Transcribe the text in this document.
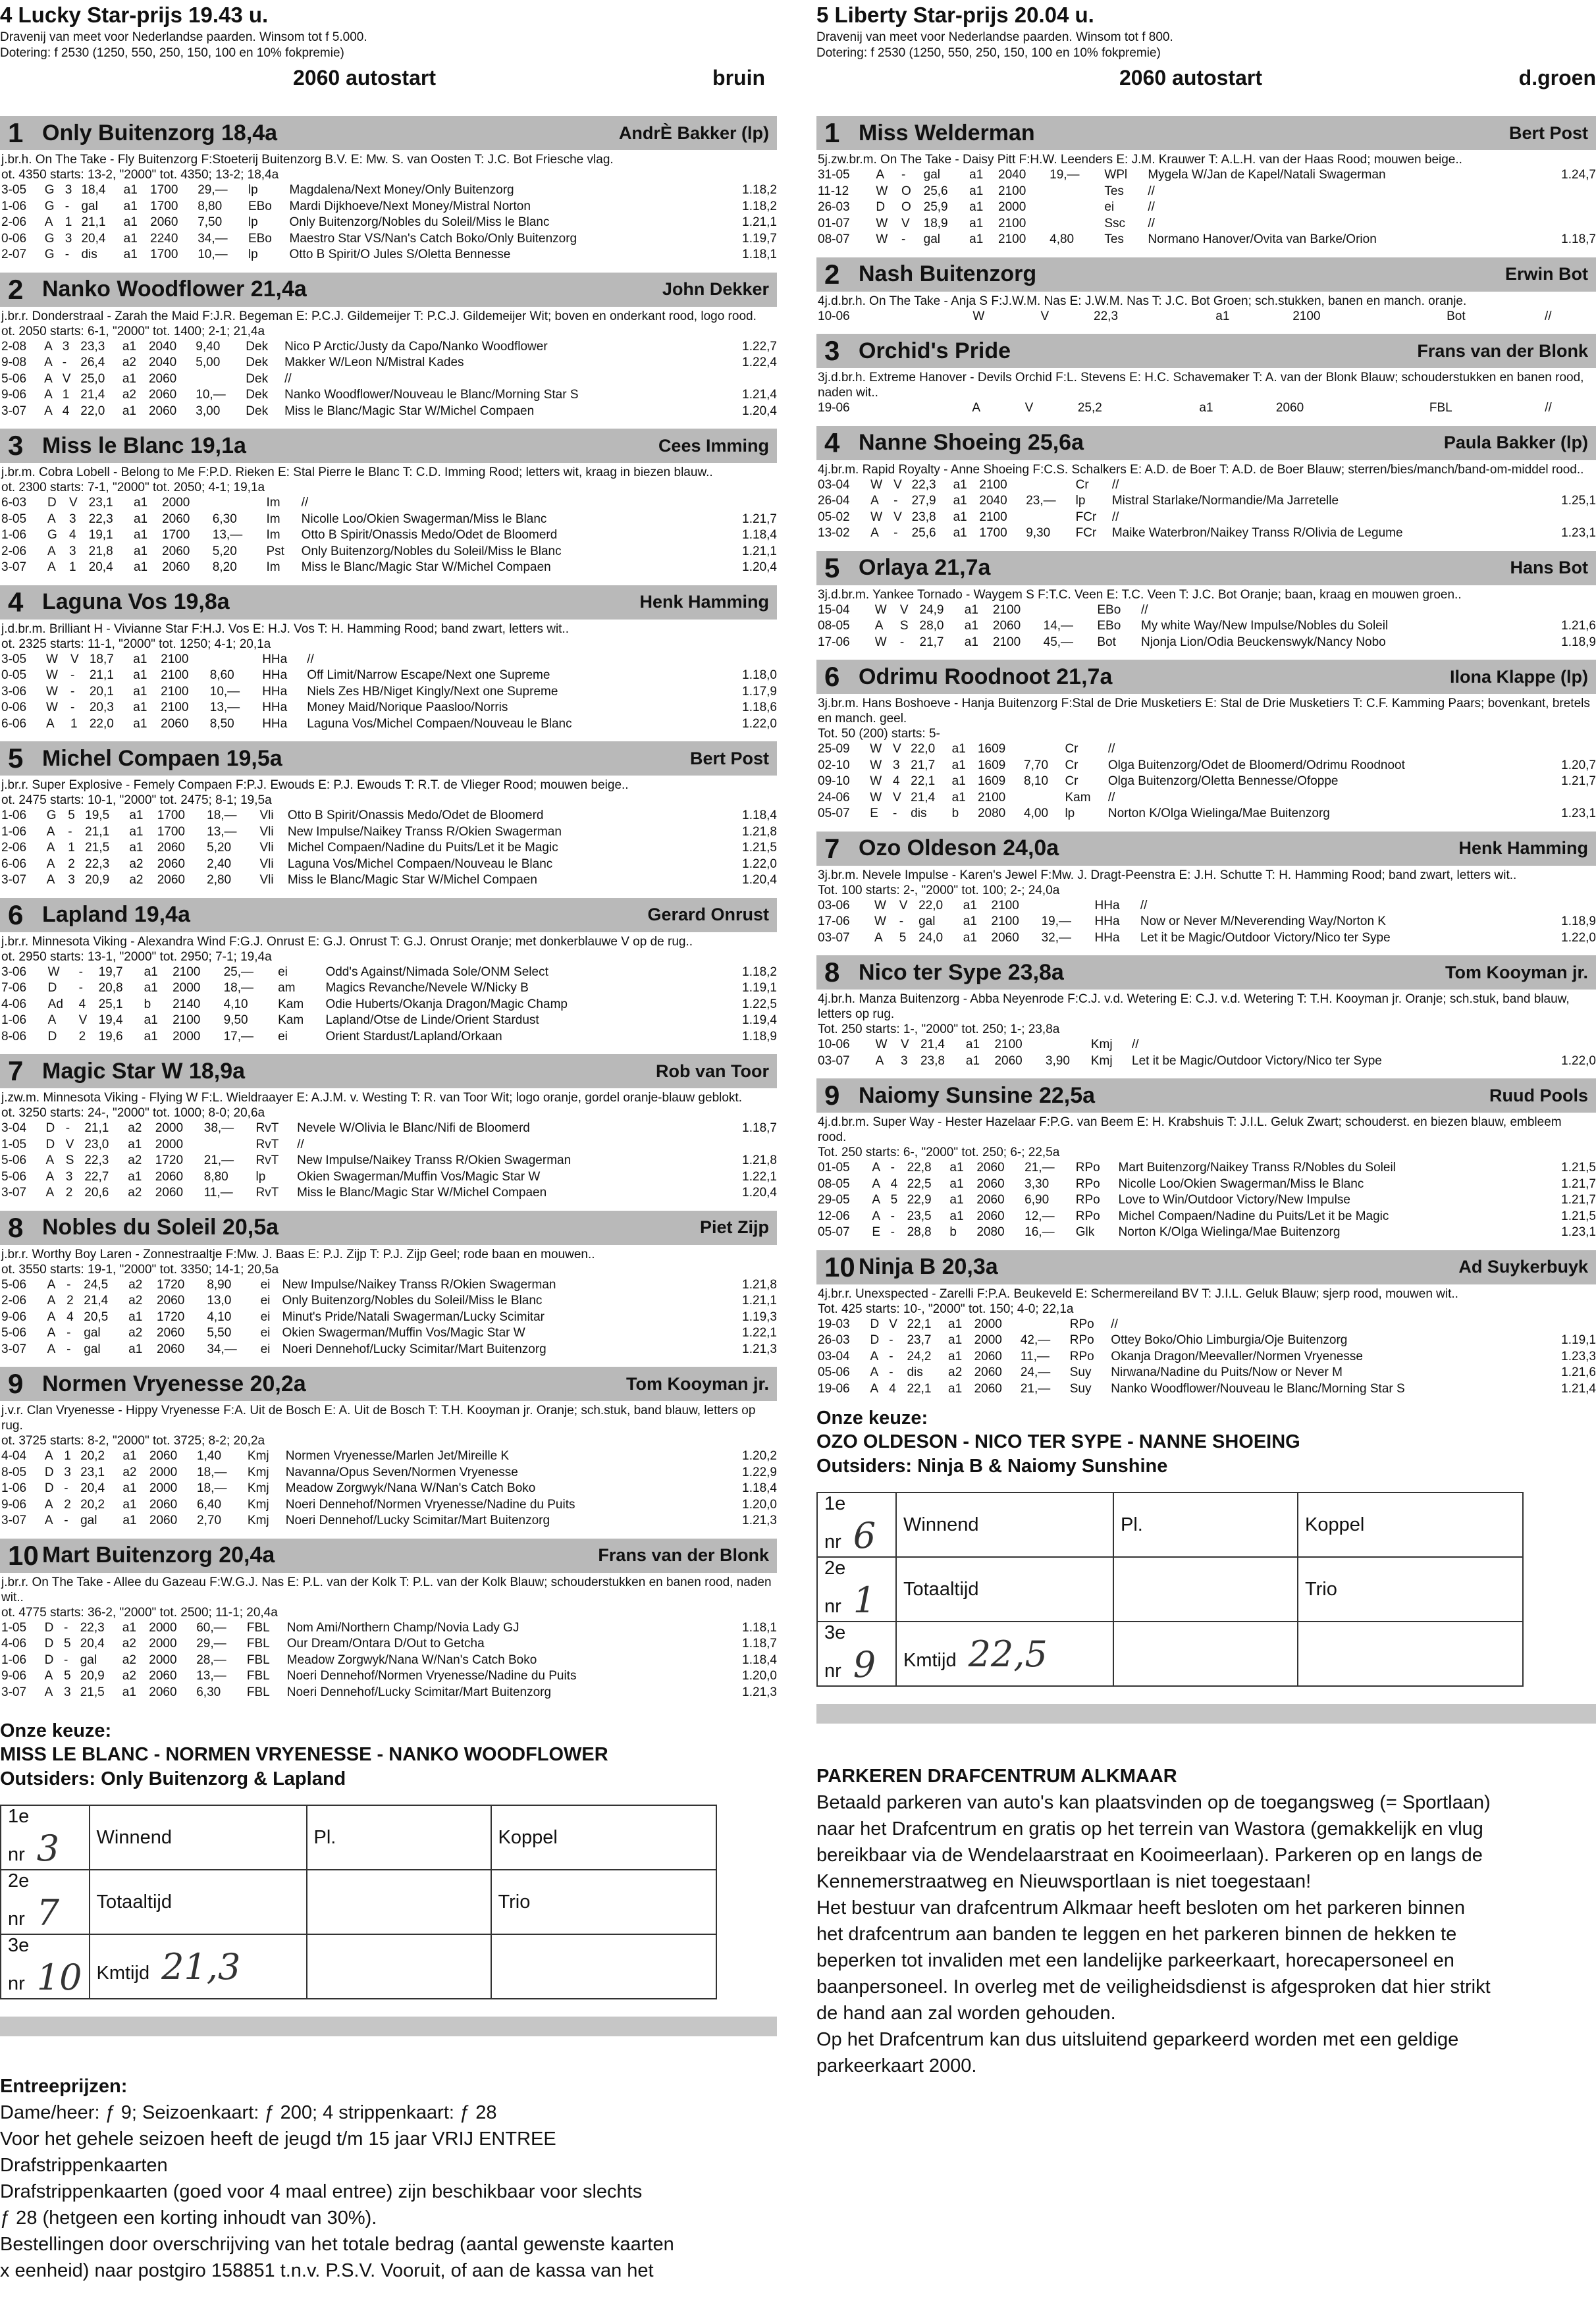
4 Lucky Star-prijs 19.43 u.
Dravenij van meet voor Nederlandse paarden. Winsom tot f 5.000.
Dotering: f 2530 (1250, 550, 250, 150, 100 en 10% fokpremie)
2060 autostart	bruin
1 Only Buitenzorg 18,4a	AndrÈ Bakker (lp)
j.br.h. On The Take - Fly Buitenzorg F:Stoeterij Buitenzorg B.V. E: Mw. S. van Oosten T: J.C. Bot Friesche vlag.
ot. 4350 starts: 13-2, "2000" tot. 4350; 13-2; 18,4a
3-05	G	3	18,4	a1	1700	29,—	lp	Magdalena/Next Money/Only Buitenzorg	1.18,2
1-06	G	-	gal	a1	1700	8,80	EBo	Mardi Dijkhoeve/Next Money/Mistral Norton	1.18,2
2-06	A	1	21,1	a1	2060	7,50	lp	Only Buitenzorg/Nobles du Soleil/Miss le Blanc	1.21,1
0-06	G	3	20,4	a1	2240	34,—	EBo	Maestro Star VS/Nan's Catch Boko/Only Buitenzorg	1.19,7
2-07	G	-	dis	a1	1700	10,—	lp	Otto B Spirit/O Jules S/Oletta Bennesse	1.18,1
2 Nanko Woodflower 21,4a	John Dekker
j.br.r. Donderstraal - Zarah the Maid F:J.R. Begeman E: P.C.J. Gildemeijer T: P.C.J. Gildemeijer Wit; boven en onderkant rood, logo rood.
ot. 2050 starts: 6-1, "2000" tot. 1400; 2-1; 21,4a
2-08	A	3	23,3	a1	2040	9,40	Dek	Nico P Arctic/Justy da Capo/Nanko Woodflower	1.22,7
9-08	A	-	26,4	a2	2040	5,00	Dek	Makker W/Leon N/Mistral Kades	1.22,4
5-06	A	V	25,0	a1	2060		Dek	//	
9-06	A	1	21,4	a2	2060	10,—	Dek	Nanko Woodflower/Nouveau le Blanc/Morning Star S	1.21,4
3-07	A	4	22,0	a1	2060	3,00	Dek	Miss le Blanc/Magic Star W/Michel Compaen	1.20,4
3 Miss le Blanc 19,1a	Cees Imming
j.br.m. Cobra Lobell - Belong to Me F:P.D. Rieken E: Stal Pierre le Blanc T: C.D. Imming Rood; letters wit, kraag in biezen blauw..
ot. 2300 starts: 7-1, "2000" tot. 2050; 4-1; 19,1a
6-03	D	V	23,1	a1	2000		Im	//	
8-05	A	3	22,3	a1	2060	6,30	Im	Nicolle Loo/Okien Swagerman/Miss le Blanc	1.21,7
1-06	G	4	19,1	a1	1700	13,—	Im	Otto B Spirit/Onassis Medo/Odet de Bloomerd	1.18,4
2-06	A	3	21,8	a1	2060	5,20	Pst	Only Buitenzorg/Nobles du Soleil/Miss le Blanc	1.21,1
3-07	A	1	20,4	a1	2060	8,20	Im	Miss le Blanc/Magic Star W/Michel Compaen	1.20,4
4 Laguna Vos 19,8a	Henk Hamming
j.d.br.m. Brilliant H - Vivianne Star F:H.J. Vos E: H.J. Vos T: H. Hamming Rood; band zwart, letters wit..
ot. 2325 starts: 11-1, "2000" tot. 1250; 4-1; 20,1a
3-05	W	V	18,7	a1	2100		HHa	//	
0-05	W	-	21,1	a1	2100	8,60	HHa	Off Limit/Narrow Escape/Next one Supreme	1.18,0
3-06	W	-	20,1	a1	2100	10,—	HHa	Niels Zes HB/Niget Kingly/Next one Supreme	1.17,9
0-06	W	-	20,3	a1	2100	13,—	HHa	Money Maid/Norique Paasloo/Norris	1.18,6
6-06	A	1	22,0	a1	2060	8,50	HHa	Laguna Vos/Michel Compaen/Nouveau le Blanc	1.22,0
5 Michel Compaen 19,5a	Bert Post
j.br.r. Super Explosive - Femely Compaen F:P.J. Ewouds E: P.J. Ewouds T: R.T. de Vlieger Rood; mouwen beige..
ot. 2475 starts: 10-1, "2000" tot. 2475; 8-1; 19,5a
1-06	G	5	19,5	a1	1700	18,—	Vli	Otto B Spirit/Onassis Medo/Odet de Bloomerd	1.18,4
1-06	A	-	21,1	a1	1700	13,—	Vli	New Impulse/Naikey Transs R/Okien Swagerman	1.21,8
2-06	A	1	21,5	a1	2060	5,20	Vli	Michel Compaen/Nadine du Puits/Let it be Magic	1.21,5
6-06	A	2	22,3	a2	2060	2,40	Vli	Laguna Vos/Michel Compaen/Nouveau le Blanc	1.22,0
3-07	A	3	20,9	a2	2060	2,80	Vli	Miss le Blanc/Magic Star W/Michel Compaen	1.20,4
6 Lapland 19,4a	Gerard Onrust
j.br.r. Minnesota Viking - Alexandra Wind F:G.J. Onrust E: G.J. Onrust T: G.J. Onrust Oranje; met donkerblauwe V op de rug..
ot. 2950 starts: 13-1, "2000" tot. 2950; 7-1; 19,4a
3-06	W	-	19,7	a1	2100	25,—	ei	Odd's Against/Nimada Sole/ONM Select	1.18,2
7-06	D	-	20,8	a1	2000	18,—	am	Magics Revanche/Nevele W/Nicky B	1.19,1
4-06	Ad	4	25,1	b	2140	4,10	Kam	Odie Huberts/Okanja Dragon/Magic Champ	1.22,5
1-06	A	V	19,4	a1	2100	9,50	Kam	Lapland/Otse de Linde/Orient Stardust	1.19,4
8-06	D	2	19,6	a1	2000	17,—	ei	Orient Stardust/Lapland/Orkaan	1.18,9
7 Magic Star W 18,9a	Rob van Toor
j.zw.m. Minnesota Viking - Flying W F:L. Wieldraayer E: A.J.M. v. Westing T: R. van Toor Wit; logo oranje, gordel oranje-blauw geblokt.
ot. 3250 starts: 24-, "2000" tot. 1000; 8-0; 20,6a
3-04	D	-	21,1	a2	2000	38,—	RvT	Nevele W/Olivia le Blanc/Nifi de Bloomerd	1.18,7
1-05	D	V	23,0	a1	2000		RvT	//	
5-06	A	S	22,3	a2	1720	21,—	RvT	New Impulse/Naikey Transs R/Okien Swagerman	1.21,8
5-06	A	3	22,7	a1	2060	8,80	lp	Okien Swagerman/Muffin Vos/Magic Star W	1.22,1
3-07	A	2	20,6	a2	2060	11,—	RvT	Miss le Blanc/Magic Star W/Michel Compaen	1.20,4
8 Nobles du Soleil 20,5a	Piet Zijp
j.br.r. Worthy Boy Laren - Zonnestraaltje F:Mw. J. Baas E: P.J. Zijp T: P.J. Zijp Geel; rode baan en mouwen..
ot. 3550 starts: 19-1, "2000" tot. 3350; 14-1; 20,5a
5-06	A	-	24,5	a2	1720	8,90	ei	New Impulse/Naikey Transs R/Okien Swagerman	1.21,8
2-06	A	2	21,4	a2	2060	13,0	ei	Only Buitenzorg/Nobles du Soleil/Miss le Blanc	1.21,1
9-06	A	4	20,5	a1	1720	4,10	ei	Minut's Pride/Natali Swagerman/Lucky Scimitar	1.19,3
5-06	A	-	gal	a2	2060	5,50	ei	Okien Swagerman/Muffin Vos/Magic Star W	1.22,1
3-07	A	-	gal	a1	2060	34,—	ei	Noeri Dennehof/Lucky Scimitar/Mart Buitenzorg	1.21,3
9 Normen Vryenesse 20,2a	Tom Kooyman jr.
j.v.r. Clan Vryenesse - Hippy Vryenesse F:A. Uit de Bosch E: A. Uit de Bosch T: T.H. Kooyman jr. Oranje; sch.stuk, band blauw, letters op rug.
ot. 3725 starts: 8-2, "2000" tot. 3725; 8-2; 20,2a
4-04	A	1	20,2	a1	2060	1,40	Kmj	Normen Vryenesse/Marlen Jet/Mireille K	1.20,2
8-05	D	3	23,1	a2	2000	18,—	Kmj	Navanna/Opus Seven/Normen Vryenesse	1.22,9
1-06	D	-	20,4	a1	2000	18,—	Kmj	Meadow Zorgwyk/Nana W/Nan's Catch Boko	1.18,4
9-06	A	2	20,2	a1	2060	6,40	Kmj	Noeri Dennehof/Normen Vryenesse/Nadine du Puits	1.20,0
3-07	A	-	gal	a1	2060	2,70	Kmj	Noeri Dennehof/Lucky Scimitar/Mart Buitenzorg	1.21,3
10 Mart Buitenzorg 20,4a	Frans van der Blonk
j.br.r. On The Take - Allee du Gazeau F:W.G.J. Nas E: P.L. van der Kolk T: P.L. van der Kolk Blauw; schouderstukken en banen rood, naden wit..
ot. 4775 starts: 36-2, "2000" tot. 2500; 11-1; 20,4a
1-05	D	-	22,3	a1	2000	60,—	FBL	Nom Ami/Northern Champ/Novia Lady GJ	1.18,1
4-06	D	5	20,4	a2	2000	29,—	FBL	Our Dream/Ontara D/Out to Getcha	1.18,7
1-06	D	-	gal	a2	2000	28,—	FBL	Meadow Zorgwyk/Nana W/Nan's Catch Boko	1.18,4
9-06	A	5	20,9	a2	2060	13,—	FBL	Noeri Dennehof/Normen Vryenesse/Nadine du Puits	1.20,0
3-07	A	3	21,5	a1	2060	6,30	FBL	Noeri Dennehof/Lucky Scimitar/Mart Buitenzorg	1.21,3
Onze keuze:
MISS LE BLANC - NORMEN VRYENESSE - NANKO WOODFLOWER
Outsiders: Only Buitenzorg & Lapland
1e nr 3	Winnend	Pl.	Koppel
2e nr 7	Totaaltijd		Trio
3e nr 10	Kmtijd 21,3		
Entreeprijzen:
Dame/heer: ƒ 9; Seizoenkaart: ƒ 200; 4 strippenkaart: ƒ 28
Voor het gehele seizoen heeft de jeugd t/m 15 jaar VRIJ ENTREE
Drafstrippenkaarten
Drafstrippenkaarten (goed voor 4 maal entree) zijn beschikbaar voor slechts
ƒ 28 (hetgeen een korting inhoudt van 30%).
Bestellingen door overschrijving van het totale bedrag (aantal gewenste kaarten
x eenheid) naar postgiro 158851 t.n.v. P.S.V. Vooruit, of aan de kassa van het
5 Liberty Star-prijs 20.04 u.
Dravenij van meet voor Nederlandse paarden. Winsom tot f 800.
Dotering: f 2530 (1250, 550, 250, 150, 100 en 10% fokpremie)
2060 autostart	d.groen
1 Miss Welderman	Bert Post
5j.zw.br.m. On The Take - Daisy Pitt F:H.W. Leenders E: J.M. Krauwer T: A.L.H. van der Haas Rood; mouwen beige..
31-05	A	-	gal	a1	2040	19,—	WPl	Mygela W/Jan de Kapel/Natali Swagerman	1.24,7
11-12	W	O	25,6	a1	2100		Tes	//	
26-03	D	O	25,9	a1	2000		ei	//	
01-07	W	V	18,9	a1	2100		Ssc	//	
08-07	W	-	gal	a1	2100	4,80	Tes	Normano Hanover/Ovita van Barke/Orion	1.18,7
2 Nash Buitenzorg	Erwin Bot
4j.d.br.h. On The Take - Anja S F:J.W.M. Nas E: J.W.M. Nas T: J.C. Bot Groen; sch.stukken, banen en manch. oranje.
10-06	W	V	22,3	a1	2100		Bot	//	
3 Orchid's Pride	Frans van der Blonk
3j.d.br.h. Extreme Hanover - Devils Orchid F:L. Stevens E: H.C. Schavemaker T: A. van der Blonk Blauw; schouderstukken en banen rood, naden wit..
19-06	A	V	25,2	a1	2060		FBL	//	
4 Nanne Shoeing 25,6a	Paula Bakker (lp)
4j.br.m. Rapid Royalty - Anne Shoeing F:C.S. Schalkers E: A.D. de Boer T: A.D. de Boer Blauw; sterren/bies/manch/band-om-middel rood..
03-04	W	V	22,3	a1	2100		Cr	//	
26-04	A	-	27,9	a1	2040	23,—	lp	Mistral Starlake/Normandie/Ma Jarretelle	1.25,1
05-02	W	V	23,8	a1	2100		FCr	//	
13-02	A	-	25,6	a1	1700	9,30	FCr	Maike Waterbron/Naikey Transs R/Olivia de Legume	1.23,1
5 Orlaya 21,7a	Hans Bot
3j.d.br.m. Yankee Tornado - Waygem S F:T.C. Veen E: T.C. Veen T: J.C. Bot Oranje; baan, kraag en mouwen groen..
15-04	W	V	24,9	a1	2100		EBo	//	
08-05	A	S	28,0	a1	2060	14,—	EBo	My white Way/New Impulse/Nobles du Soleil	1.21,6
17-06	W	-	21,7	a1	2100	45,—	Bot	Njonja Lion/Odia Beuckenswyk/Nancy Nobo	1.18,9
6 Odrimu Roodnoot 21,7a	Ilona Klappe (lp)
3j.br.m. Hans Boshoeve - Hanja Buitenzorg F:Stal de Drie Musketiers E: Stal de Drie Musketiers T: C.F. Kamming Paars; bovenkant, bretels en manch. geel.
Tot. 50 (200) starts: 5-
25-09	W	V	22,0	a1	1609		Cr	//	
02-10	W	3	21,7	a1	1609	7,70	Cr	Olga Buitenzorg/Odet de Bloomerd/Odrimu Roodnoot	1.20,7
09-10	W	4	22,1	a1	1609	8,10	Cr	Olga Buitenzorg/Oletta Bennesse/Ofoppe	1.21,7
24-06	W	V	21,4	a1	2100		Kam	//	
05-07	E	-	dis	b	2080	4,00	lp	Norton K/Olga Wielinga/Mae Buitenzorg	1.23,1
7 Ozo Oldeson 24,0a	Henk Hamming
3j.br.m. Nevele Impulse - Karen's Jewel F:Mw. J. Dragt-Peenstra E: J.H. Schutte T: H. Hamming Rood; band zwart, letters wit..
Tot. 100 starts: 2-, "2000" tot. 100; 2-; 24,0a
03-06	W	V	22,0	a1	2100		HHa	//	
17-06	W	-	gal	a1	2100	19,—	HHa	Now or Never M/Neverending Way/Norton K	1.18,9
03-07	A	5	24,0	a1	2060	32,—	HHa	Let it be Magic/Outdoor Victory/Nico ter Sype	1.22,0
8 Nico ter Sype 23,8a	Tom Kooyman jr.
4j.br.h. Manza Buitenzorg - Abba Neyenrode F:C.J. v.d. Wetering E: C.J. v.d. Wetering T: T.H. Kooyman jr. Oranje; sch.stuk, band blauw, letters op rug.
Tot. 250 starts: 1-, "2000" tot. 250; 1-; 23,8a
10-06	W	V	21,4	a1	2100		Kmj	//	
03-07	A	3	23,8	a1	2060	3,90	Kmj	Let it be Magic/Outdoor Victory/Nico ter Sype	1.22,0
9 Naiomy Sunsine 22,5a	Ruud Pools
4j.d.br.m. Super Way - Hester Hazelaar F:P.G. van Beem E: H. Krabshuis T: J.I.L. Geluk Zwart; schouderst. en biezen blauw, embleem rood.
Tot. 250 starts: 6-, "2000" tot. 250; 6-; 22,5a
01-05	A	-	22,8	a1	2060	21,—	RPo	Mart Buitenzorg/Naikey Transs R/Nobles du Soleil	1.21,5
08-05	A	4	22,5	a1	2060	3,30	RPo	Nicolle Loo/Okien Swagerman/Miss le Blanc	1.21,7
29-05	A	5	22,9	a1	2060	6,90	RPo	Love to Win/Outdoor Victory/New Impulse	1.21,7
12-06	A	-	23,5	a1	2060	12,—	RPo	Michel Compaen/Nadine du Puits/Let it be Magic	1.21,5
05-07	E	-	28,8	b	2080	16,—	Glk	Norton K/Olga Wielinga/Mae Buitenzorg	1.23,1
10 Ninja B 20,3a	Ad Suykerbuyk
4j.br.r. Unexspected - Zarelli F:P.A. Beukeveld E: Schermereiland BV T: J.I.L. Geluk Blauw; sjerp rood, mouwen wit..
Tot. 425 starts: 10-, "2000" tot. 150; 4-0; 22,1a
19-03	D	V	22,1	a1	2000		RPo	//	
26-03	D	-	23,7	a1	2000	42,—	RPo	Ottey Boko/Ohio Limburgia/Oje Buitenzorg	1.19,1
03-04	A	-	24,2	a1	2060	11,—	RPo	Okanja Dragon/Meevaller/Normen Vryenesse	1.23,3
05-06	A	-	dis	a2	2060	24,—	Suy	Nirwana/Nadine du Puits/Now or Never M	1.21,6
19-06	A	4	22,1	a1	2060	21,—	Suy	Nanko Woodflower/Nouveau le Blanc/Morning Star S	1.21,4
Onze keuze:
OZO OLDESON - NICO TER SYPE - NANNE SHOEING
Outsiders: Ninja B & Naiomy Sunshine
1e nr 6	Winnend	Pl.	Koppel
2e nr 1	Totaaltijd		Trio
3e nr 9	Kmtijd 22,5		
PARKEREN DRAFCENTRUM ALKMAAR
Betaald parkeren van auto's kan plaatsvinden op de toegangsweg (= Sportlaan)
naar het Drafcentrum en gratis op het terrein van Wastora (gemakkelijk en vlug
bereikbaar via de Wendelaarstraat en Kooimeerlaan). Parkeren op en langs de
Kennemerstraatweg en Nieuwsportlaan is niet toegestaan!
Het bestuur van drafcentrum Alkmaar heeft besloten om het parkeren binnen
het drafcentrum aan banden te leggen en het parkeren binnen de hekken te
beperken tot invaliden met een landelijke parkeerkaart, horecapersoneel en
baanpersoneel. In overleg met de veiligheidsdienst is afgesproken dat hier strikt
de hand aan zal worden gehouden.
Op het Drafcentrum kan dus uitsluitend geparkeerd worden met een geldige
parkeerkaart 2000.
